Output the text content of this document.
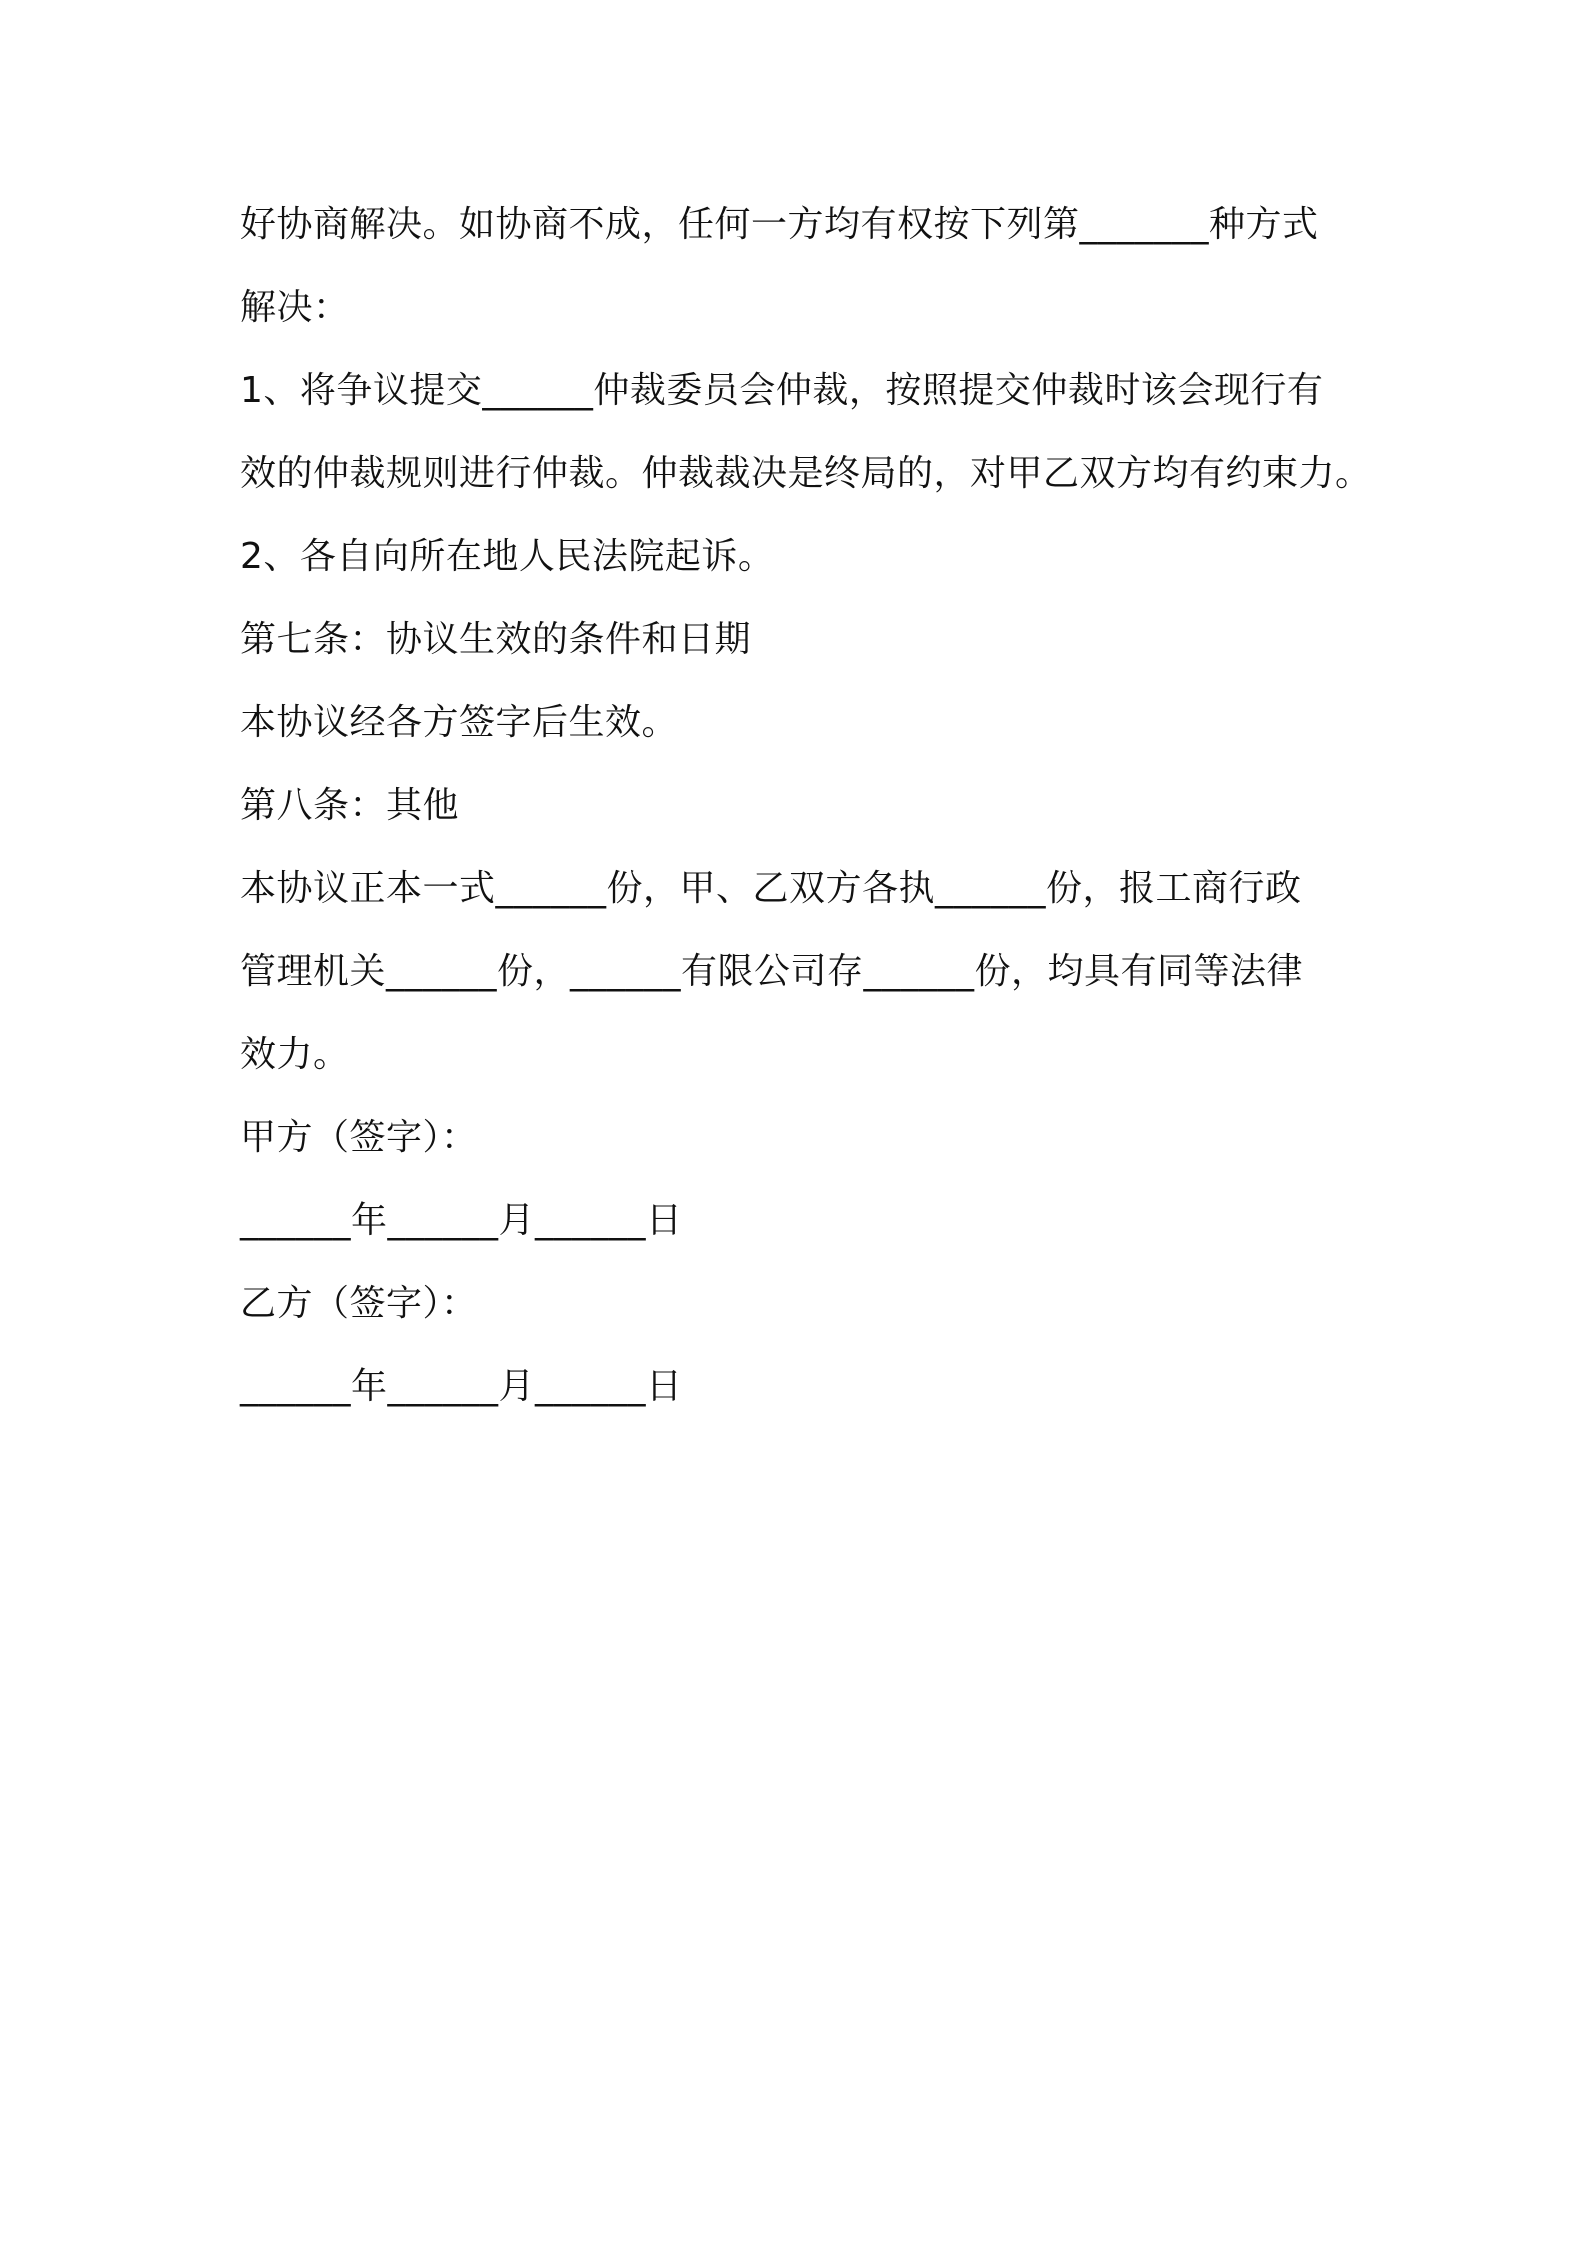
好协商解决。如协商不成，任何一方均有权按下列第_______种方式
解决：
1、将争议提交______仲裁委员会仲裁，按照提交仲裁时该会现行有
效的仲裁规则进行仲裁。仲裁裁决是终局的，对甲乙双方均有约束力。
2、各自向所在地人民法院起诉。
第七条：协议生效的条件和日期
本协议经各方签字后生效。
第八条：其他
本协议正本一式______份，甲、乙双方各执______份，报工商行政
管理机关______份，______有限公司存______份，均具有同等法律
效力。
甲方（签字）：
______年______月______日
乙方（签字）：
______年______月______日
